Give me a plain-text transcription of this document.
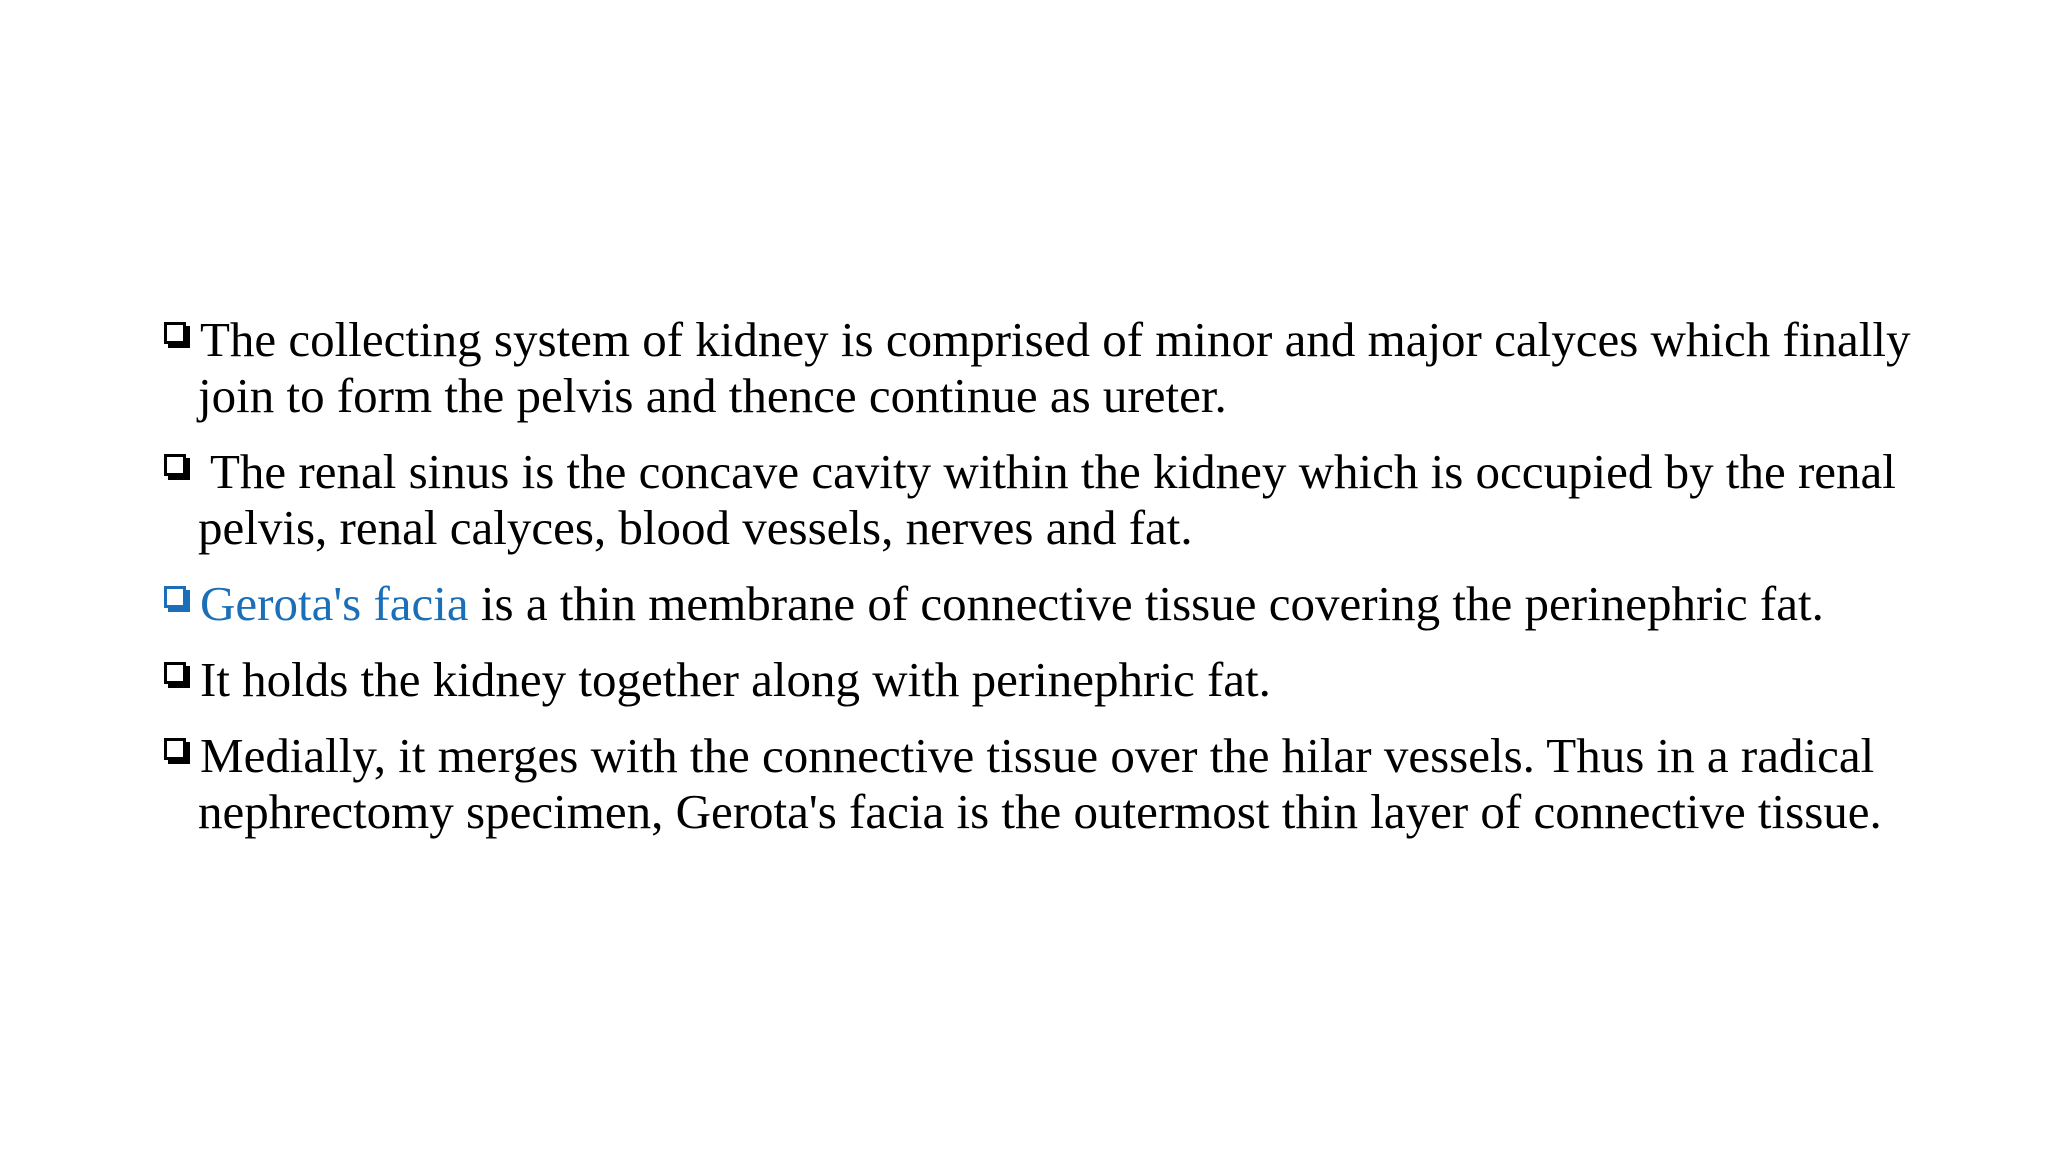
The collecting system of kidney is comprised of minor and major calyces which finally join to form the pelvis and thence continue as ureter.
The renal sinus is the concave cavity within the kidney which is occupied by the renal pelvis, renal calyces, blood vessels, nerves and fat.
Gerota's facia is a thin membrane of connective tissue covering the perinephric fat.
It holds the kidney together along with perinephric fat.
Medially, it merges with the connective tissue over the hilar vessels. Thus in a radical nephrectomy specimen, Gerota's facia is the outermost thin layer of connective tissue.
